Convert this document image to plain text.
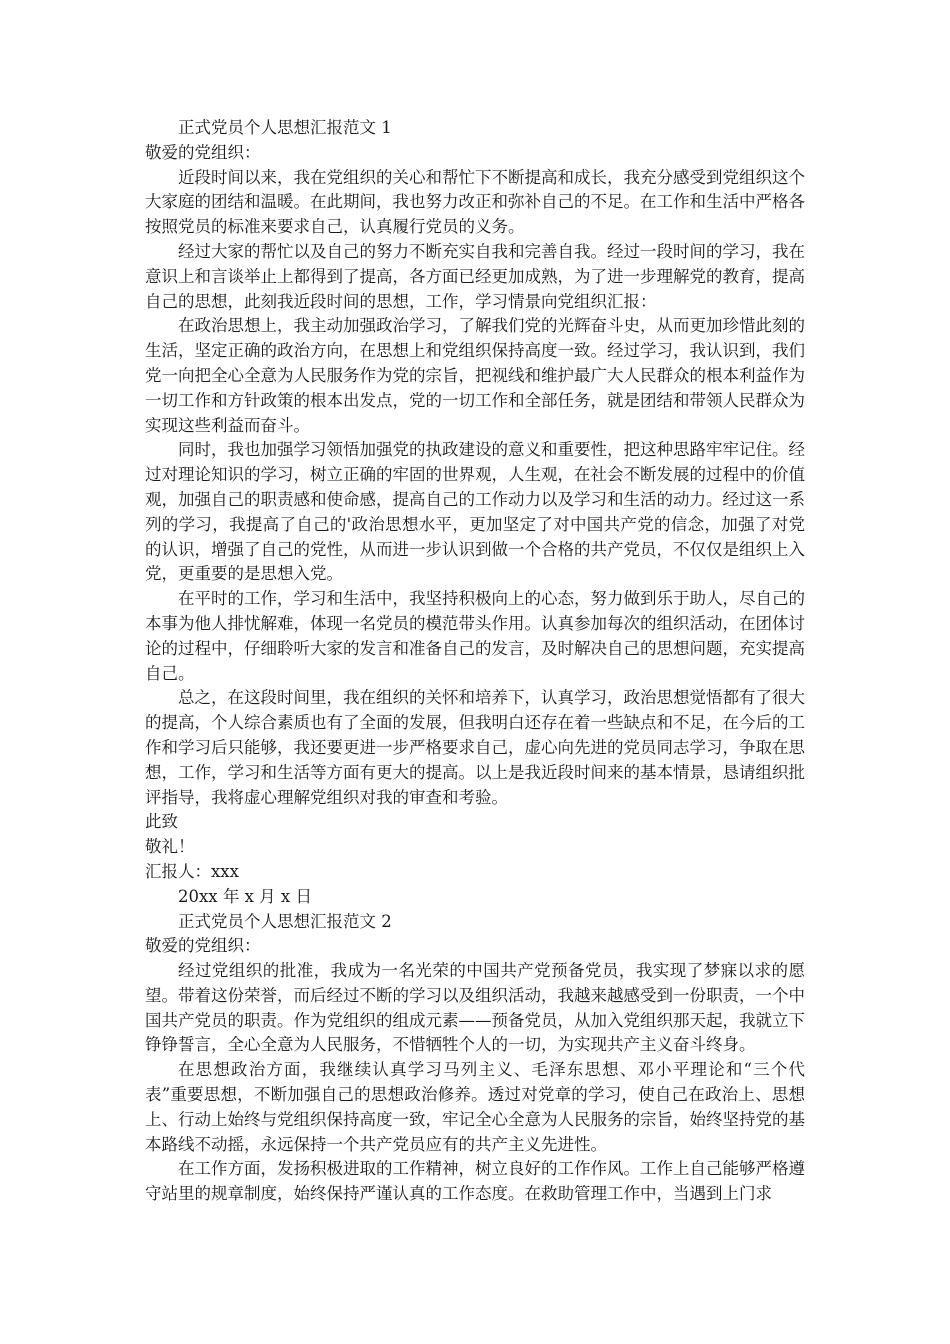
正式党员个人思想汇报范文 1

敬爱的党组织：

近段时间以来，我在党组织的关心和帮忙下不断提高和成长，我充分感受到党组织这个大家庭的团结和温暖。在此期间，我也努力改正和弥补自己的不足。在工作和生活中严格各按照党员的标准来要求自己，认真履行党员的义务。

经过大家的帮忙以及自己的努力不断充实自我和完善自我。经过一段时间的学习，我在意识上和言谈举止上都得到了提高，各方面已经更加成熟，为了进一步理解党的教育，提高自己的思想，此刻我近段时间的思想，工作，学习情景向党组织汇报：

在政治思想上，我主动加强政治学习，了解我们党的光辉奋斗史，从而更加珍惜此刻的生活，坚定正确的政治方向，在思想上和党组织保持高度一致。经过学习，我认识到，我们党一向把全心全意为人民服务作为党的宗旨，把视线和维护最广大人民群众的根本利益作为一切工作和方针政策的根本出发点，党的一切工作和全部任务，就是团结和带领人民群众为实现这些利益而奋斗。

同时，我也加强学习领悟加强党的执政建设的意义和重要性，把这种思路牢牢记住。经过对理论知识的学习，树立正确的牢固的世界观，人生观，在社会不断发展的过程中的价值观，加强自己的职责感和使命感，提高自己的工作动力以及学习和生活的动力。经过这一系列的学习，我提高了自己的'政治思想水平，更加坚定了对中国共产党的信念，加强了对党的认识，增强了自己的党性，从而进一步认识到做一个合格的共产党员，不仅仅是组织上入党，更重要的是思想入党。

在平时的工作，学习和生活中，我坚持积极向上的心态，努力做到乐于助人，尽自己的本事为他人排忧解难，体现一名党员的模范带头作用。认真参加每次的组织活动，在团体讨论的过程中，仔细聆听大家的发言和准备自己的发言，及时解决自己的思想问题，充实提高自己。

总之，在这段时间里，我在组织的关怀和培养下，认真学习，政治思想觉悟都有了很大的提高，个人综合素质也有了全面的发展，但我明白还存在着一些缺点和不足，在今后的工作和学习后只能够，我还要更进一步严格要求自己，虚心向先进的党员同志学习，争取在思想，工作，学习和生活等方面有更大的提高。以上是我近段时间来的基本情景，恳请组织批评指导，我将虚心理解党组织对我的审查和考验。

此致

敬礼！

汇报人：xxx

20xx 年 x 月 x 日

正式党员个人思想汇报范文 2

敬爱的党组织：

经过党组织的批准，我成为一名光荣的中国共产党预备党员，我实现了梦寐以求的愿望。带着这份荣誉，而后经过不断的学习以及组织活动，我越来越感受到一份职责，一个中国共产党员的职责。作为党组织的组成元素——预备党员，从加入党组织那天起，我就立下铮铮誓言，全心全意为人民服务，不惜牺牲个人的一切，为实现共产主义奋斗终身。

在思想政治方面，我继续认真学习马列主义、毛泽东思想、邓小平理论和“三个代表”重要思想，不断加强自己的思想政治修养。透过对党章的学习，使自己在政治上、思想上、行动上始终与党组织保持高度一致，牢记全心全意为人民服务的宗旨，始终坚持党的基本路线不动摇，永远保持一个共产党员应有的共产主义先进性。

在工作方面，发扬积极进取的工作精神，树立良好的工作作风。工作上自己能够严格遵守站里的规章制度，始终保持严谨认真的工作态度。在救助管理工作中，当遇到上门求
